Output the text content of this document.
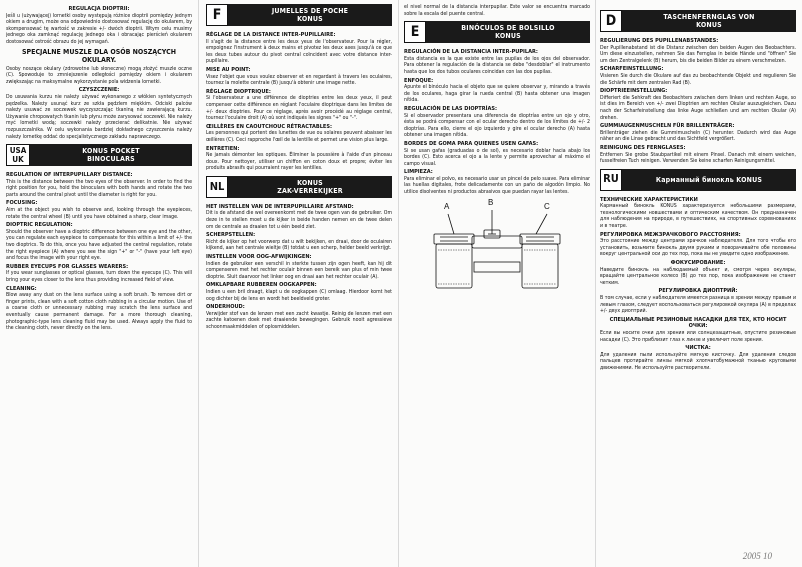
REGULACJA DIOPTRII:

Jeśli u (używającej) lornetki osoby występują różnice dioptrii pomiędzy jednym okiem a drugim, może ona odpowiednio dostosować regulację do okularem, by skompensować tę wartość w zakresie +/- dwóch dioptrii. Wtym celu musimy jednego oka zamknąć regulację jednego oka i obracając pierścień okularem dostosować ostrość obrazu do jej wymagań.

SPECJALNE MUSZLE DLA OSÓB NOSZĄCYCH OKULARY.

Osoby noszące okulary (zdrowotne lub słoneczne) mogą złożyć muszle oczne (C). Spowoduje to zmniejszenie odległości pomiędzy okiem i okularem zwiększając na maksymalne wykorzystanie pola widzenia lornetki.

CZYSZCZENIE:

Do usuwania kurzu nie należy używać wykonanego z włókien syntetycznych pędzelka. Należy usunąć kurz ze szkła pędzlem miękkim. Odciski palców należy usuwać ze soczewek wyczyszczając tkaniną nie zawierającą kurzu. Używanie chropowatych tkanin lub płynu może zarysować soczewki. Nie należy myć lornetki wodą; soczewki należy przecierać delikatnie. Nie używać rozpuszczalnika. W celu wykonania bardziej dokładnego czyszczenia należy należy lornetkę oddać do specjalistycznego zakładu naprawczego.

USA
UK
KONUS POCKET
BINOCULARS
REGULATION OF INTERPUPILLARY DISTANCE:

This is the distance between the two eyes of the observer. In order to find the right position for you, hold the binoculars with both hands and rotate the two parts around the central pivot until the diameter is right for you.

FOCUSING:

Aim at the object you wish to observe and, looking through the eyepieces, rotate the central wheel (B) until you have obtained a sharp, clear image.

DIOPTRIC REGULATION:

Should the observer have a dioptric difference between one eye and the other, you can regulate each eyepiece to compensate for this within a limit of +/- the two dioptrics. To do this, once you have adjusted the central regulation, rotate the right eyepiece (A) where you see the sign "+" or "-" (have your left eye) and focus the image with your right eye.

RUBBER EYECUPS FOR GLASSES WEARERS:

If you wear sunglasses or optical glasses, turn down the eyecups (C). This will bring your eyes closer to the lens thus providing increased field of view.

CLEANING:

Blow away any dust on the lens surface using a soft brush. To remove dirt or finger prints, clean with a soft cotton cloth rubbing in a circular motion. Use of a coarse cloth or unnecessary rubbing may scratch the lens surface and eventually cause permanent damage. For a more thorough cleaning, photographic-type lens cleaning fluid may be used. Always apply the fluid to the cleaning cloth, never directly on the lens.

F	JUMELLES DE POCHE
KONUS
RÉGLAGE DE LA DISTANCE INTER-PUPILLAIRE:

Il s'agit de la distance entre les deux yeux de l'observateur. Pour la régler, empoignez l'instrument à deux mains et pivotez les deux axes jusqu'à ce que les deux tubes autour du pivot central coïncident avec votre distance inter-pupillaire.

MISE AU POINT:

Visez l'objet que vous voulez observer et en regardant à travers les oculaires, tournez la molette centrale (B) jusqu'à obtenir une image nette.

RÉGLAGE DIOPTRIQUE:

Si l'observateur a une différence de dioptries entre les deux yeux, il peut compenser cette différence en réglant l'oculaire dioptrique dans les limites de +/- deux dioptries. Pour ce réglage, après avoir procédé au réglage central, tournez l'oculaire droit (A) où sont indiqués les signes "+" ou "-".

ŒILLÈRES EN CAOUTCHOUC RÉTRACTABLES:

Les personnes qui portent des lunettes de vue ou solaires peuvent abaisser les œillères (C). Ceci rapproche l'œil de la lentille et permet une vision plus large.

ENTRETIEN:

Ne jamais démonter les optiques. Éliminer la poussière à l'aide d'un pinceau doux. Pour nettoyer, utiliser un chiffon en coton doux et propre; éviter les produits abrasifs qui pourraient rayer les lentilles.

NL	KONUS
ZAK-VERREKIJKER
HET INSTELLEN VAN DE INTERPUPILLAIRE AFSTAND:

Dit is de afstand die wel overeenkomt met de twee ogen van de gebruiker. Om deze in te stellen moet u de kijker in beide handen nemen en de twee delen om de centrale as draaien tot u één beeld ziet.

SCHERPSTELLEN:

Richt de kijker op het voorwerp dat u wilt bekijken, en draai, door de oculairen kijkend, aan het centrale wieltje (B) totdat u een scherp, helder beeld verkrijgt.

INSTELLEN VOOR OOG-AFWIJKINGEN:

Indien de gebruiker een verschil in sterkte tussen zijn ogen heeft, kan hij dit compenseren met het rechter oculair binnen een bereik van plus of min twee dioptrie. Sluit daarvoor het linker oog en draai aan het rechter oculair (A).

OMKLAPBARE RUBBEREN OOGKAPPEN:

Indien u een bril draagt, klapt u de oogkappen (C) omlaag. Hierdoor komt het oog dichter bij de lens en wordt het beeldveld groter.

ONDERHOUD:

Verwijder stof van de lenzen met een zacht kwastje. Reinig de lenzen met een zachte katoenen doek met draaiende bewegingen. Gebruik nooit agressieve schoonmaakmiddelen of oplosmiddelen.

el nivel normal de la distancia interpupilar. Este valor se encuentra marcado sobre la escala del puente central.

E	BINÓCULOS DE BOLSILLO
KONUS
REGULACIÓN DE LA DISTANCIA INTER-PUPILAR:

Esta distancia es la que existe entre las pupilas de los ojos del observador. Para obtener la regulación de la distancia se debe "desdoblar" el instrumento hasta que los dos tubos oculares coincidan con las dos pupilas.

ENFOQUE:

Apunte el binóculo hacia el objeto que se quiere observar y, mirando a través de los oculares, haga girar la rueda central (B) hasta obtener una imagen nítida.

REGULACIÓN DE LAS DIOPTRÍAS:

Si el observador presentara una diferencia de dioptrías entre un ojo y otro, ésta se podrá compensar con el ocular derecho dentro de los límites de +/- 2 dioptrías. Para ello, cierre el ojo izquierdo y gire el ocular derecho (A) hasta obtener una imagen nítida.

BORDES DE GOMA PARA QUIENES USEN GAFAS:

Si se usan gafas (graduadas o de sol), es necesario doblar hacia abajo los bordes (C). Esto acerca el ojo a la lente y permite aprovechar al máximo el campo visual.

LIMPIEZA:

Para eliminar el polvo, es necesario usar un pincel de pelo suave. Para eliminar las huellas digitales, frote delicadamente con un paño de algodón limpio. No utilice disolventes ni productos abrasivos que puedan rayar las lentes.

A	B	C
D	TASCHENFERNGLAS VON
KONUS
REGULIERUNG DES PUPILLENABSTANDES:

Der Pupillenabstand ist die Distanz zwischen den beiden Augen des Beobachters. Um diese einzustellen, nehmen Sie das Fernglas in beide Hände und "öffnen" Sie um den Zentralgelenk (B) herum, bis die beiden Bilder zu einem verschmelzen.

SCHARFEINSTELLUNG:

Visieren Sie durch die Okulare auf das zu beobachtende Objekt und regulieren Sie die Schärfe mit dem zentralen Rad (B).

DIOPTRIEEINSTELLUNG:

Differiert die Sehkraft des Beobachters zwischen dem linken und rechten Auge, so ist dies im Bereich von +/- zwei Dioptrien am rechten Okular auszugleichen. Dazu nach der Scharfeinstellung das linke Auge schließen und am rechten Okular (A) drehen.

GUMMIAUGENMUSCHELN FÜR BRILLENTRÄGER:

Brillenträger ziehen die Gummimuscheln (C) herunter. Dadurch wird das Auge näher an die Linse gebracht und das Sichtfeld vergrößert.

REINIGUNG DES FERNGLASES:

Entfernen Sie grobe Staubpartikel mit einem Pinsel. Danach mit einem weichen, fusselfreien Tuch reinigen. Verwenden Sie keine scharfen Reinigungsmittel.

RU	Карманный бинокль KONUS
ТЕХНИЧЕСКИЕ ХАРАКТЕРИСТИКИ

Карманный бинокль KONUS характеризуется небольшими размерами, технологическими новшествами и оптическим качеством. Он предназначен для наблюдения на природе, в путешествиях, на спортивных соревнованиях и в театре.

РЕГУЛИРОВКА МЕЖЗРАЧКОВОГО РАССТОЯНИЯ:

Это расстояние между центрами зрачков наблюдателя. Для того чтобы его установить, возьмите бинокль двумя руками и поворачивайте обе половины вокруг центральной оси до тех пор, пока вы не увидите одно изображение.

ФОКУСИРОВАНИЕ:

Наведите бинокль на наблюдаемый объект и, смотря через окуляры, вращайте центральное колесо (B) до тех пор, пока изображение не станет четким.

РЕГУЛИРОВКА ДИОПТРИЙ:

В том случае, если у наблюдателя имеется разница в зрении между правым и левым глазом, следует воспользоваться регулировкой окуляра (A) в пределах +/- двух диоптрий.

СПЕЦИАЛЬНЫЕ РЕЗИНОВЫЕ НАСАДКИ ДЛЯ ТЕХ, КТО НОСИТ ОЧКИ:

Если вы носите очки для зрения или солнцезащитные, опустите резиновые насадки (C). Это приблизит глаз к линзе и увеличит поле зрения.

ЧИСТКА:

Для удаления пыли используйте мягкую кисточку. Для удаления следов пальцев протирайте линзы мягкой хлопчатобумажной тканью круговыми движениями. Не используйте растворители.

2005 10
